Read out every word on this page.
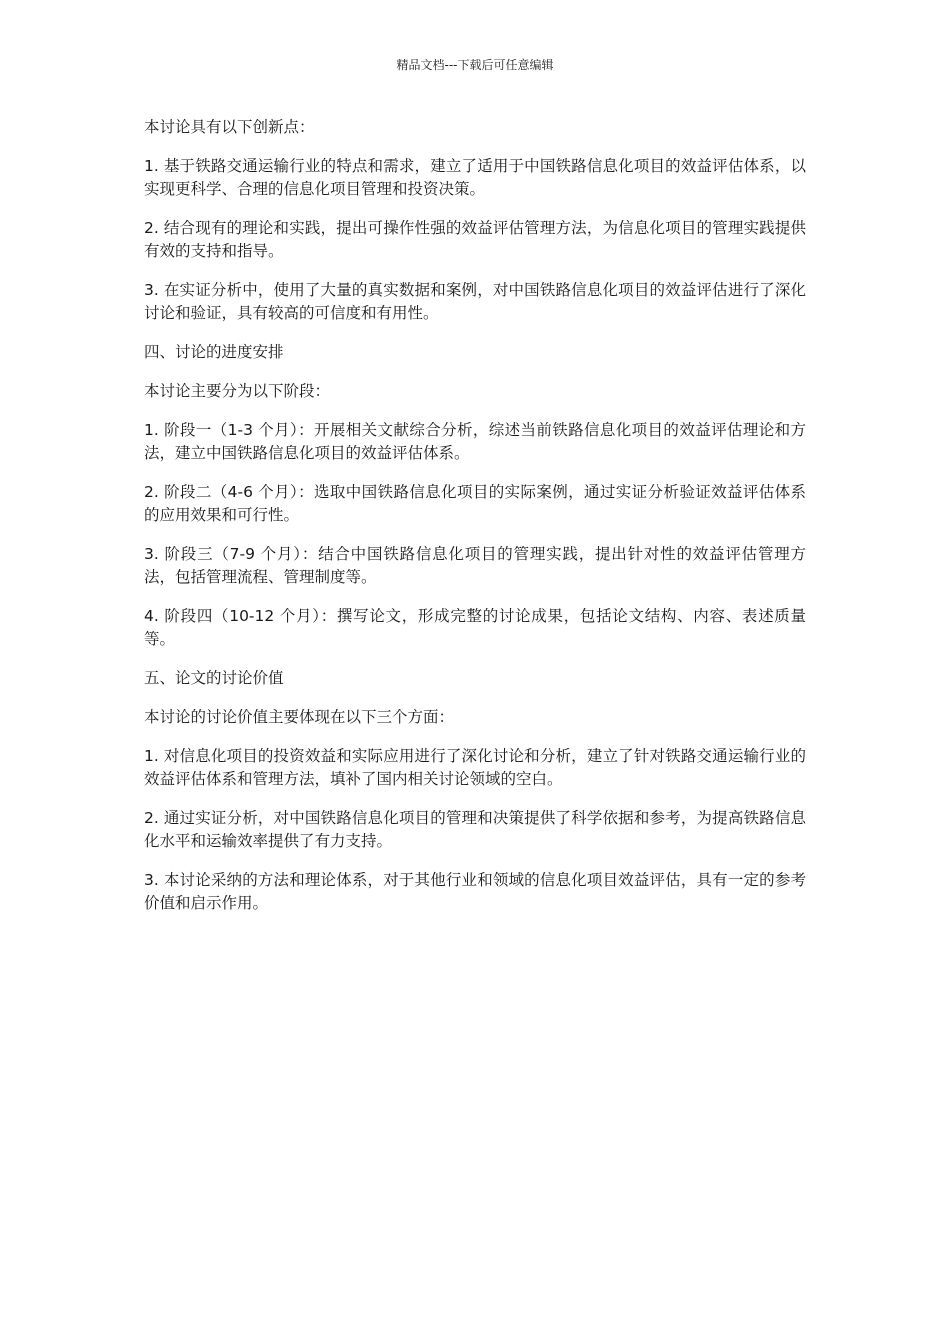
精品文档---下载后可任意编辑

本讨论具有以下创新点：

1. 基于铁路交通运输行业的特点和需求，建立了适用于中国铁路信息化项目的效益评估体系，以实现更科学、合理的信息化项目管理和投资决策。

2. 结合现有的理论和实践，提出可操作性强的效益评估管理方法，为信息化项目的管理实践提供有效的支持和指导。

3. 在实证分析中，使用了大量的真实数据和案例，对中国铁路信息化项目的效益评估进行了深化讨论和验证，具有较高的可信度和有用性。

四、讨论的进度安排

本讨论主要分为以下阶段：

1. 阶段一（1-3 个月）：开展相关文献综合分析，综述当前铁路信息化项目的效益评估理论和方法，建立中国铁路信息化项目的效益评估体系。

2. 阶段二（4-6 个月）：选取中国铁路信息化项目的实际案例，通过实证分析验证效益评估体系的应用效果和可行性。

3. 阶段三（7-9 个月）：结合中国铁路信息化项目的管理实践，提出针对性的效益评估管理方法，包括管理流程、管理制度等。

4. 阶段四（10-12 个月）：撰写论文，形成完整的讨论成果，包括论文结构、内容、表述质量等。

五、论文的讨论价值

本讨论的讨论价值主要体现在以下三个方面：

1. 对信息化项目的投资效益和实际应用进行了深化讨论和分析，建立了针对铁路交通运输行业的效益评估体系和管理方法，填补了国内相关讨论领域的空白。

2. 通过实证分析，对中国铁路信息化项目的管理和决策提供了科学依据和参考，为提高铁路信息化水平和运输效率提供了有力支持。

3. 本讨论采纳的方法和理论体系，对于其他行业和领域的信息化项目效益评估，具有一定的参考价值和启示作用。
